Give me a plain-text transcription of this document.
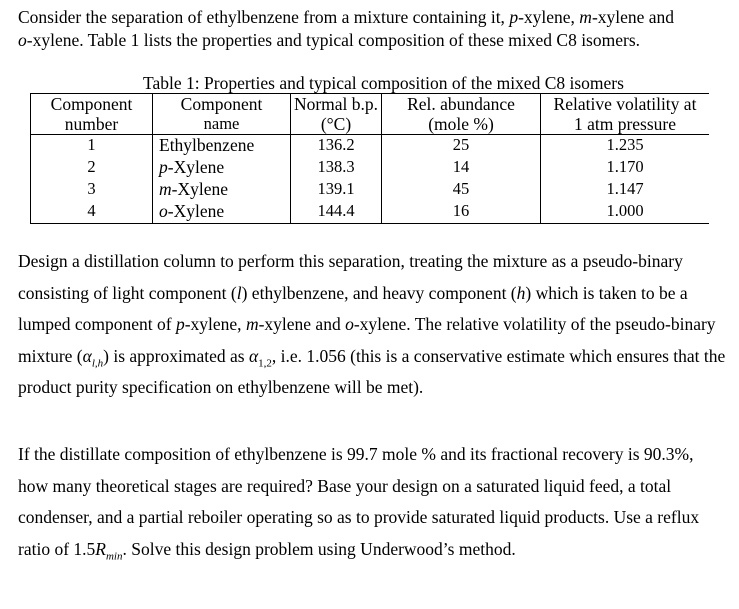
Consider the separation of ethylbenzene from a mixture containing it, p-xylene, m-xylene and
o-xylene. Table 1 lists the properties and typical composition of these mixed C8 isomers.

Table 1: Properties and typical composition of the mixed C8 isomers
Component	Component	Normal b.p.	Rel. abundance	Relative volatility at
number	name	(°C)	(mole %)	1 atm pressure
1	Ethylbenzene	136.2	25	1.235
2	p-Xylene	138.3	14	1.170
3	m-Xylene	139.1	45	1.147
4	o-Xylene	144.4	16	1.000

Design a distillation column to perform this separation, treating the mixture as a pseudo-binary consisting of light component (l) ethylbenzene, and heavy component (h) which is taken to be a lumped component of p-xylene, m-xylene and o-xylene. The relative volatility of the pseudo-binary mixture $(\alpha_{l,h})$ is approximated as $\alpha_{1,2}$, i.e. 1.056 (this is a conservative estimate which ensures that the product purity specification on ethylbenzene will be met).

If the distillate composition of ethylbenzene is 99.7 mole % and its fractional recovery is 90.3%, how many theoretical stages are required? Base your design on a saturated liquid feed, a total condenser, and a partial reboiler operating so as to provide saturated liquid products. Use a reflux ratio of $1.5R_{min}$. Solve this design problem using Underwood’s method.
